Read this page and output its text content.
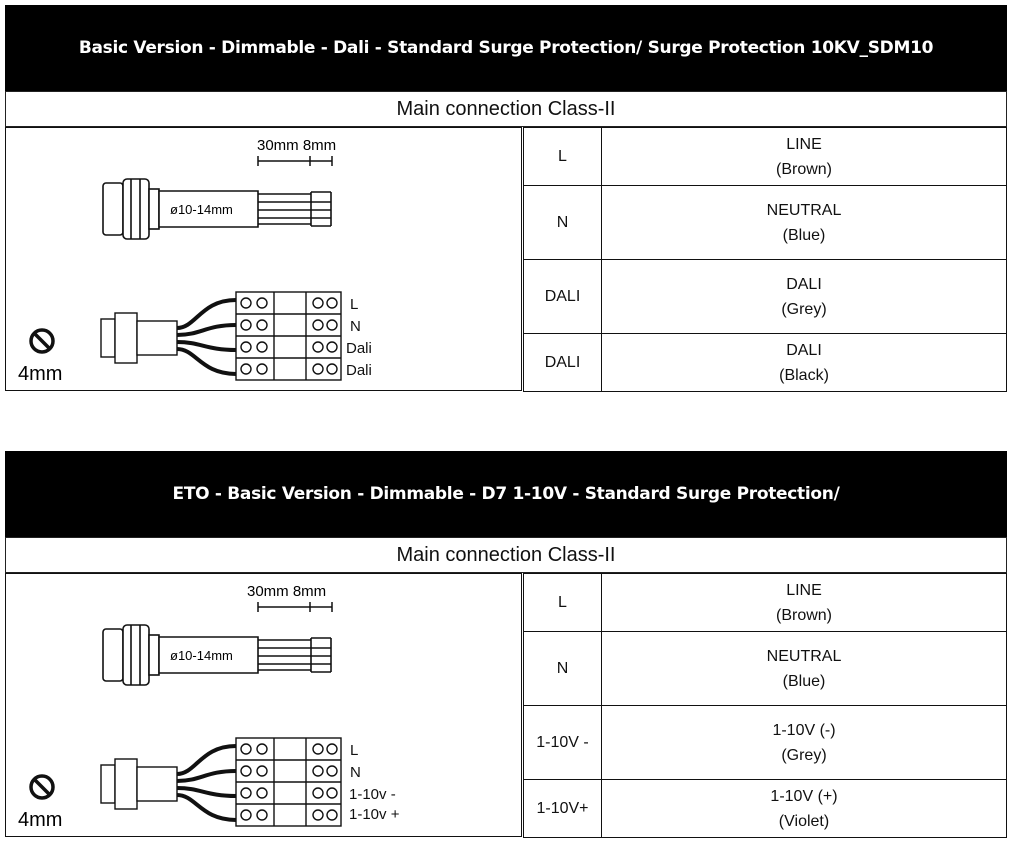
Basic Version - Dimmable - Dali - Standard Surge Protection/ Surge Protection 10KV_SDM10
Main connection Class-II
30mm 8mm
ø10-14mm
L
N
Dali
Dali
4mm
L	LINE
(Brown)
N	NEUTRAL
(Blue)
DALI	DALI
(Grey)
DALI	DALI
(Black)
ETO - Basic Version - Dimmable - D7 1-10V - Standard Surge Protection/
Main connection Class-II
30mm 8mm
ø10-14mm
L
N
1-10v -
1-10v +
4mm
L	LINE
(Brown)
N	NEUTRAL
(Blue)
1-10V -	1-10V (-)
(Grey)
1-10V+	1-10V (+)
(Violet)
